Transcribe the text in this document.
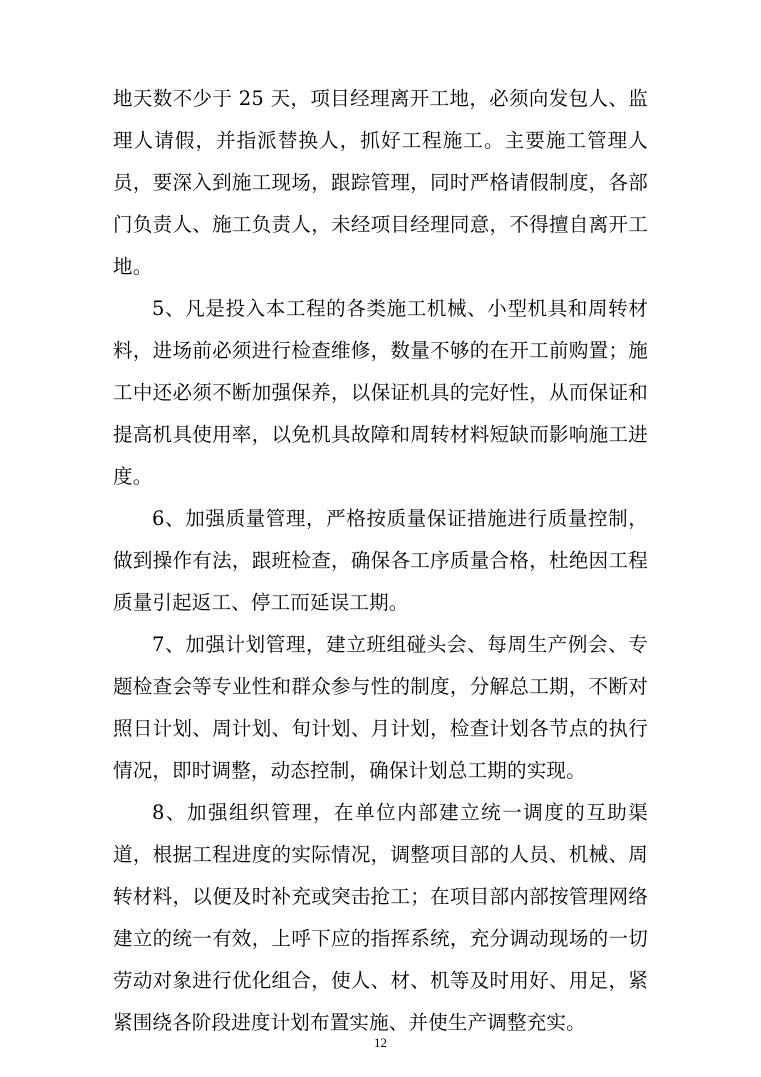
地天数不少于 25 天，项目经理离开工地，必须向发包人、监理人请假，并指派替换人，抓好工程施工。主要施工管理人员，要深入到施工现场，跟踪管理，同时严格请假制度，各部门负责人、施工负责人，未经项目经理同意，不得擅自离开工地。

5、凡是投入本工程的各类施工机械、小型机具和周转材料，进场前必须进行检查维修，数量不够的在开工前购置；施工中还必须不断加强保养，以保证机具的完好性，从而保证和提高机具使用率，以免机具故障和周转材料短缺而影响施工进度。

6、加强质量管理，严格按质量保证措施进行质量控制，做到操作有法，跟班检查，确保各工序质量合格，杜绝因工程质量引起返工、停工而延误工期。

7、加强计划管理，建立班组碰头会、每周生产例会、专题检查会等专业性和群众参与性的制度，分解总工期，不断对照日计划、周计划、旬计划、月计划，检查计划各节点的执行情况，即时调整，动态控制，确保计划总工期的实现。

8、加强组织管理，在单位内部建立统一调度的互助渠道，根据工程进度的实际情况，调整项目部的人员、机械、周转材料，以便及时补充或突击抢工；在项目部内部按管理网络建立的统一有效，上呼下应的指挥系统，充分调动现场的一切劳动对象进行优化组合，使人、材、机等及时用好、用足，紧紧围绕各阶段进度计划布置实施、并使生产调整充实。

12
